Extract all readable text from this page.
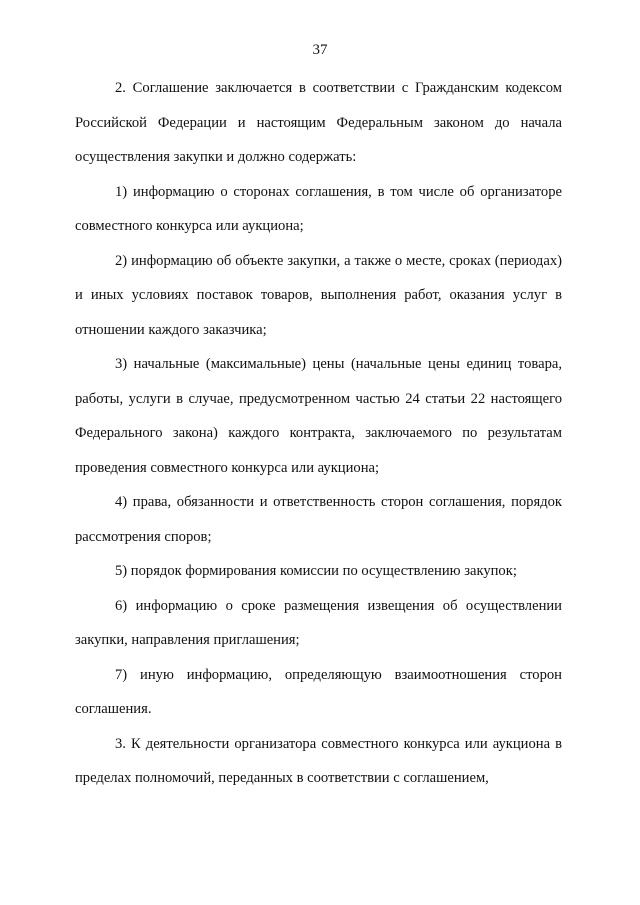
37

2. Соглашение заключается в соответствии с Гражданским кодексом Российской Федерации и настоящим Федеральным законом до начала осуществления закупки и должно содержать:

1) информацию о сторонах соглашения, в том числе об организаторе совместного конкурса или аукциона;

2) информацию об объекте закупки, а также о месте, сроках (периодах) и иных условиях поставок товаров, выполнения работ, оказания услуг в отношении каждого заказчика;

3) начальные (максимальные) цены (начальные цены единиц товара, работы, услуги в случае, предусмотренном частью 24 статьи 22 настоящего Федерального закона) каждого контракта, заключаемого по результатам проведения совместного конкурса или аукциона;

4) права, обязанности и ответственность сторон соглашения, порядок рассмотрения споров;

5) порядок формирования комиссии по осуществлению закупок;

6) информацию о сроке размещения извещения об осуществлении закупки, направления приглашения;

7) иную информацию, определяющую взаимоотношения сторон соглашения.

3. К деятельности организатора совместного конкурса или аукциона в пределах полномочий, переданных в соответствии с соглашением,
